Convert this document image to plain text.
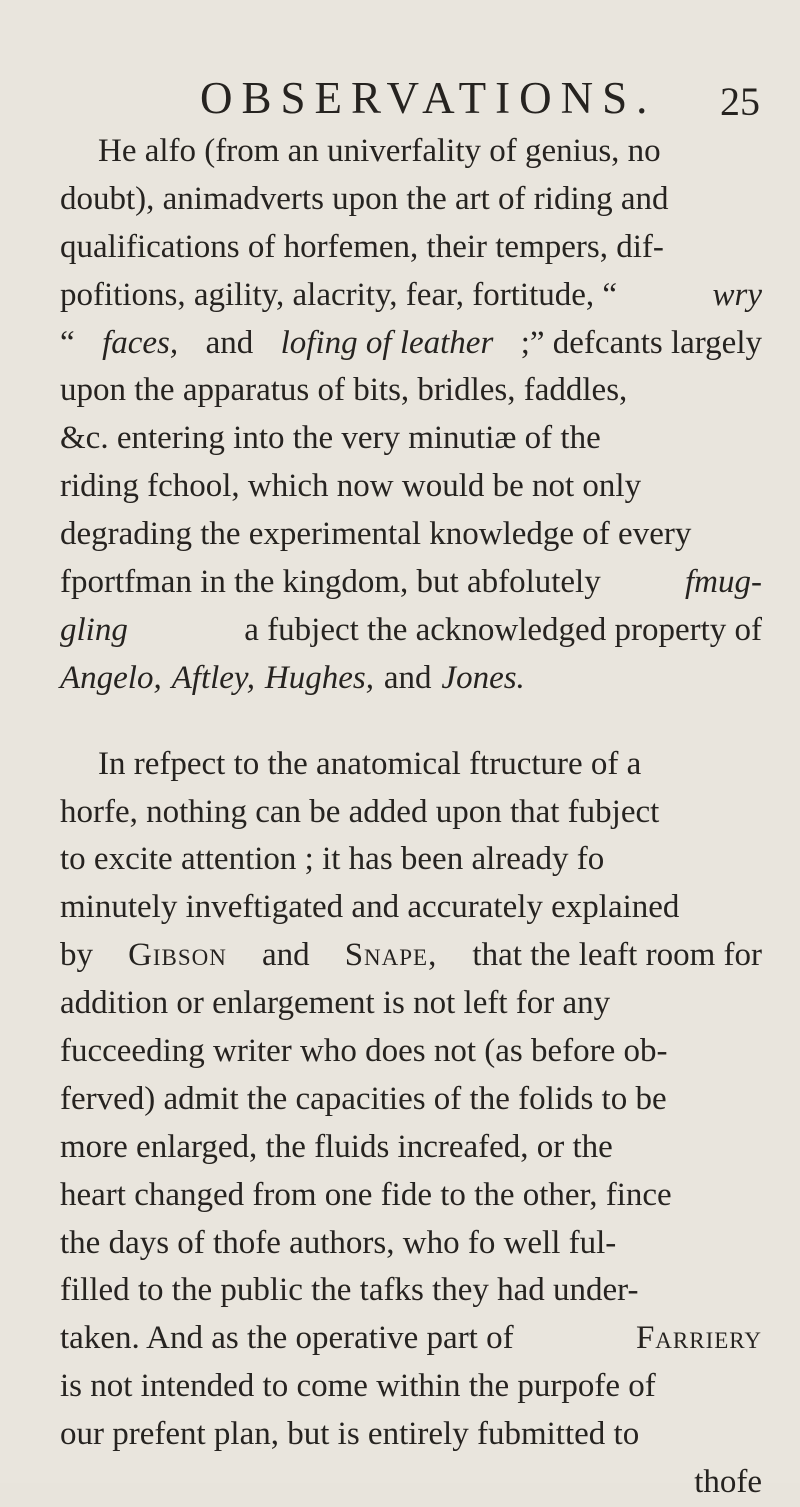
OBSERVATIONS. 25
He alfo (from an univerfality of genius, no
doubt), animadverts upon the art of riding and
qualifications of horfemen, their tempers, dif-
pofitions, agility, alacrity, fear, fortitude, “	wry
“ faces, and lofing of leather ;” defcants largely
upon the apparatus of bits, bridles, faddles,
&c. entering into the very minutiæ of the
riding fchool, which now would be not only
degrading the experimental knowledge of every
fportfman in the kingdom, but abfolutely	fmug-
gling	a fubject the acknowledged property of
Angelo, Aftley, Hughes, and Jones.
In refpect to the anatomical ftructure of a
horfe, nothing can be added upon that fubject
to excite attention ; it has been already fo
minutely inveftigated and accurately explained
by Gibson and Snape, that the leaft room for
addition or enlargement is not left for any
fucceeding writer who does not (as before ob-
ferved) admit the capacities of the folids to be
more enlarged, the fluids increafed, or the
heart changed from one fide to the other, fince
the days of thofe authors, who fo well ful-
filled to the public the tafks they had under-
taken. And as the operative part of	Farriery
is not intended to come within the purpofe of
our prefent plan, but is entirely fubmitted to
thofe
